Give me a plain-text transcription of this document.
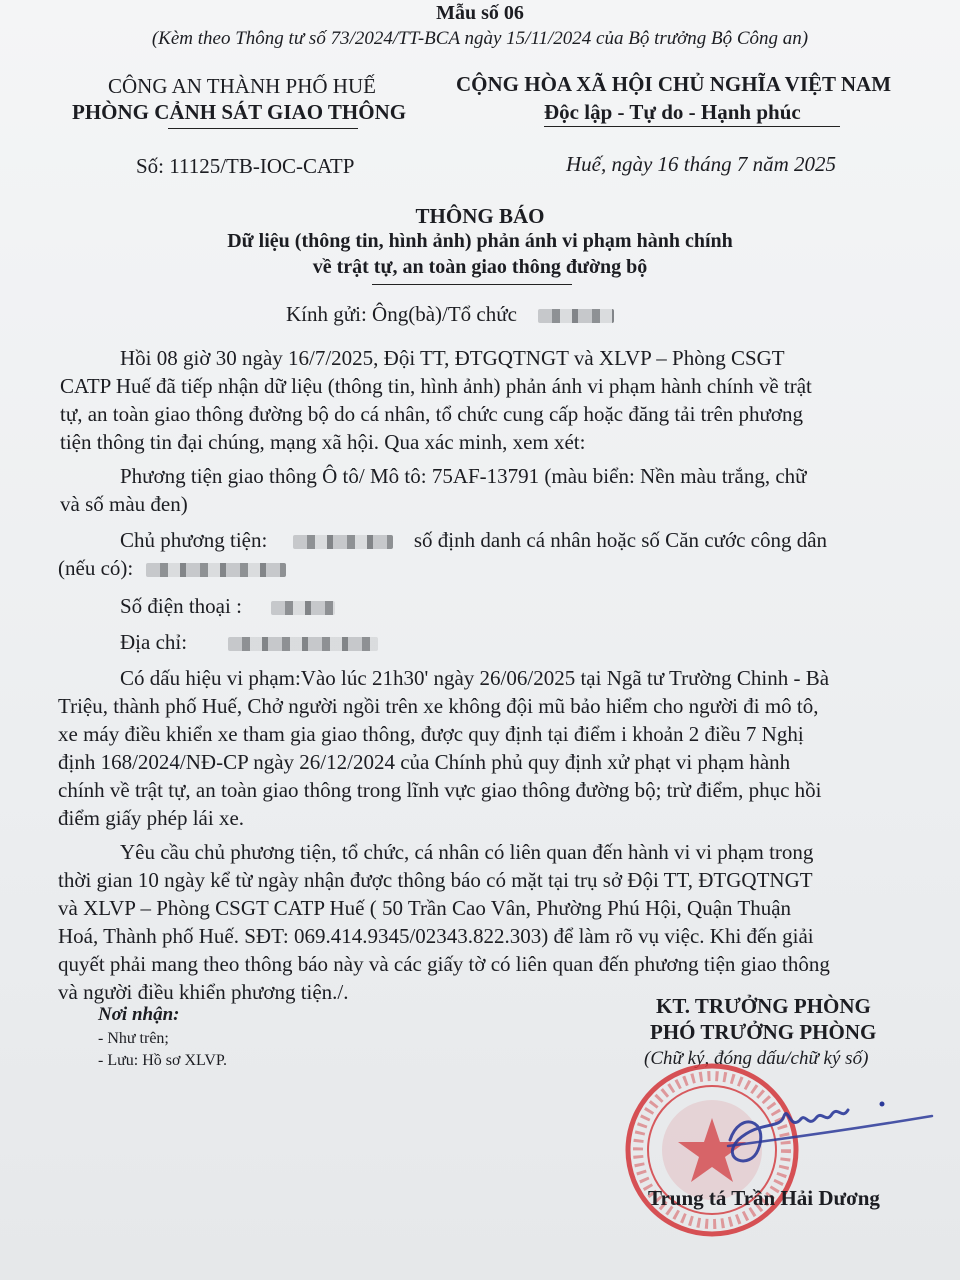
Mẫu số 06
(Kèm theo Thông tư số 73/2024/TT-BCA ngày 15/11/2024 của Bộ trưởng Bộ Công an)
CÔNG AN THÀNH PHỐ HUẾ
PHÒNG CẢNH SÁT GIAO THÔNG
CỘNG HÒA XÃ HỘI CHỦ NGHĨA VIỆT NAM
Độc lập - Tự do - Hạnh phúc
Số: 11125/TB-IOC-CATP	Huế, ngày 16 tháng 7 năm 2025
THÔNG BÁO
Dữ liệu (thông tin, hình ảnh) phản ánh vi phạm hành chính
về trật tự, an toàn giao thông đường bộ
Kính gửi: Ông(bà)/Tổ chức
Hồi 08 giờ 30 ngày 16/7/2025, Đội TT, ĐTGQTNGT và XLVP – Phòng CSGT
CATP Huế đã tiếp nhận dữ liệu (thông tin, hình ảnh) phản ánh vi phạm hành chính về trật
tự, an toàn giao thông đường bộ do cá nhân, tổ chức cung cấp hoặc đăng tải trên phương
tiện thông tin đại chúng, mạng xã hội. Qua xác minh, xem xét:
Phương tiện giao thông Ô tô/ Mô tô: 75AF-13791 (màu biển: Nền màu trắng, chữ
và số màu đen)
Chủ phương tiện:	số định danh cá nhân hoặc số Căn cước công dân
(nếu có):
Số điện thoại :
Địa chỉ:
Có dấu hiệu vi phạm:Vào lúc 21h30' ngày 26/06/2025 tại Ngã tư Trường Chinh - Bà
Triệu, thành phố Huế, Chở người ngồi trên xe không đội mũ bảo hiểm cho người đi mô tô,
xe máy điều khiển xe tham gia giao thông, được quy định tại điểm i khoản 2 điều 7 Nghị
định 168/2024/NĐ-CP ngày 26/12/2024 của Chính phủ quy định xử phạt vi phạm hành
chính về trật tự, an toàn giao thông trong lĩnh vực giao thông đường bộ; trừ điểm, phục hồi
điểm giấy phép lái xe.
Yêu cầu chủ phương tiện, tổ chức, cá nhân có liên quan đến hành vi vi phạm trong
thời gian 10 ngày kể từ ngày nhận được thông báo có mặt tại trụ sở Đội TT, ĐTGQTNGT
và XLVP – Phòng CSGT CATP Huế ( 50 Trần Cao Vân, Phường Phú Hội, Quận Thuận
Hoá, Thành phố Huế. SĐT: 069.414.9345/02343.822.303) để làm rõ vụ việc. Khi đến giải
quyết phải mang theo thông báo này và các giấy tờ có liên quan đến phương tiện giao thông
và người điều khiển phương tiện./.
Nơi nhận:
- Như trên;
- Lưu: Hồ sơ XLVP.
KT. TRƯỞNG PHÒNG
PHÓ TRƯỞNG PHÒNG
(Chữ ký, đóng dấu/chữ ký số)
Trung tá Trần Hải Dương
